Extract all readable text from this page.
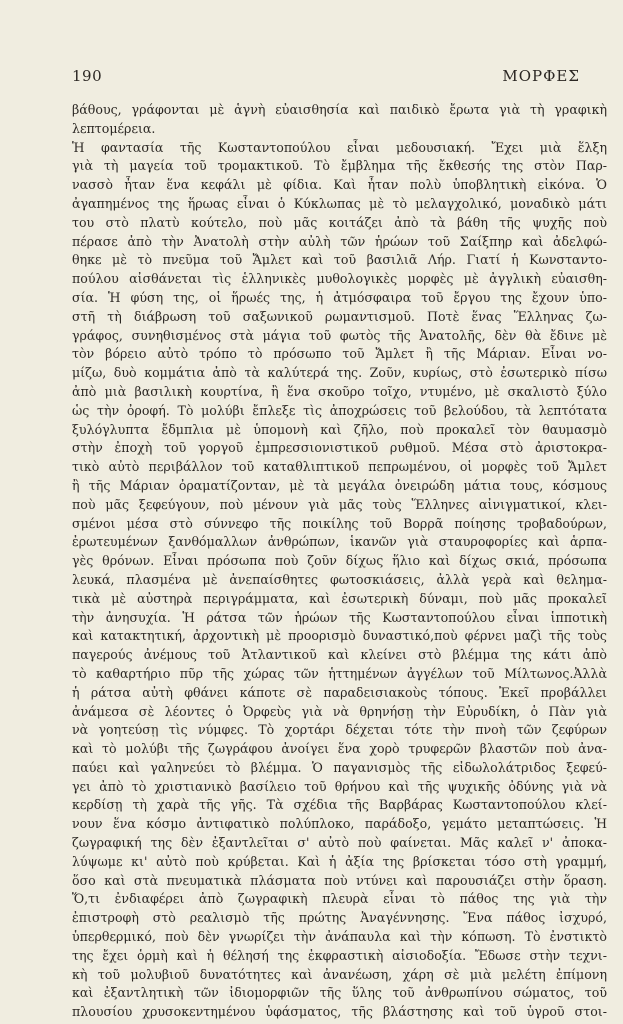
190	ΜΟΡΦΕΣ
βάθους, γράφονται μὲ ἁγνὴ εὐαισθησία καὶ παιδικὸ ἔρωτα γιὰ τὴ γραφικὴ
λεπτομέρεια.
Ἡ φαντασία τῆς Κωσταντοπούλου εἶναι μεδουσιακή. Ἔχει μιὰ ἕλξη
γιὰ τὴ μαγεία τοῦ τρομακτικοῦ. Τὸ ἔμβλημα τῆς ἔκθεσής της στὸν Παρ-
νασσὸ ἦταν ἕνα κεφάλι μὲ φίδια. Καὶ ἦταν πολὺ ὑποβλητικὴ εἰκόνα. Ὁ
ἀγαπημένος της ἥρωας εἶναι ὁ Κύκλωπας μὲ τὸ μελαγχολικό, μοναδικὸ μάτι
του στὸ πλατὺ κούτελο, ποὺ μᾶς κοιτάζει ἀπὸ τὰ βάθη τῆς ψυχῆς ποὺ
πέρασε ἀπὸ τὴν Ἀνατολὴ στὴν αὐλὴ τῶν ἡρώων τοῦ Σαίξπηρ καὶ ἀδελφώ-
θηκε μὲ τὸ πνεῦμα τοῦ Ἄμλετ καὶ τοῦ βασιλιᾶ Λήρ. Γιατί ἡ Κωνσταντο-
πούλου αἰσθάνεται τὶς ἑλληνικὲς μυθολογικὲς μορφὲς μὲ ἀγγλικὴ εὐαισθη-
σία. Ἡ φύση της, οἱ ἥρωές της, ἡ ἀτμόσφαιρα τοῦ ἔργου της ἔχουν ὑπο-
στῆ τὴ διάβρωση τοῦ σαξωνικοῦ ρωμαντισμοῦ. Ποτὲ ἕνας Ἕλληνας ζω-
γράφος, συνηθισμένος στὰ μάγια τοῦ φωτὸς τῆς Ἀνατολῆς, δὲν θὰ ἔδινε μὲ
τὸν βόρειο αὐτὸ τρόπο τὸ πρόσωπο τοῦ Ἄμλετ ἢ τῆς Μάριαν. Εἶναι νο-
μίζω, δυὸ κομμάτια ἀπὸ τὰ καλύτερά της. Ζοῦν, κυρίως, στὸ ἐσωτερικὸ πίσω
ἀπὸ μιὰ βασιλικὴ κουρτίνα, ἢ ἕνα σκοῦρο τοῖχο, ντυμένο, μὲ σκαλιστὸ ξύλο
ὡς τὴν ὀροφή. Τὸ μολύβι ἔπλεξε τὶς ἀποχρώσεις τοῦ βελούδου, τὰ λεπτότατα
ξυλόγλυπτα ἔδμπλια μὲ ὑπομονὴ καὶ ζῆλο, ποὺ προκαλεῖ τὸν θαυμασμὸ
στὴν ἐποχὴ τοῦ γοργοῦ ἐμπρεσσιονιστικοῦ ρυθμοῦ. Μέσα στὸ ἀριστοκρα-
τικὸ αὐτὸ περιβάλλον τοῦ καταθλιπτικοῦ πεπρωμένου, οἱ μορφὲς τοῦ Ἄμλετ
ἢ τῆς Μάριαν ὀραματίζονταν, μὲ τὰ μεγάλα ὀνειρώδη μάτια τους, κόσμους
ποὺ μᾶς ξεφεύγουν, ποὺ μένουν γιὰ μᾶς τοὺς Ἕλληνες αἰνιγματικοί, κλει-
σμένοι μέσα στὸ σύννεφο τῆς ποικίλης τοῦ Βορρᾶ ποίησης τροβαδούρων,
ἐρωτευμένων ξανθόμαλλων ἀνθρώπων, ἱκανῶν γιὰ σταυροφορίες καὶ ἁρπα-
γὲς θρόνων. Εἶναι πρόσωπα ποὺ ζοῦν δίχως ἥλιο καὶ δίχως σκιά, πρόσωπα
λευκά, πλασμένα μὲ ἀνεπαίσθητες φωτοσκιάσεις, ἀλλὰ γερὰ καὶ θελημα-
τικὰ μὲ αὐστηρὰ περιγράμματα, καὶ ἐσωτερικὴ δύναμι, ποὺ μᾶς προκαλεῖ
τὴν ἀνησυχία. Ἡ ράτσα τῶν ἡρώων τῆς Κωσταντοπούλου εἶναι ἱπποτικὴ
καὶ κατακτητική, ἀρχοντικὴ μὲ προορισμὸ δυναστικό,ποὺ φέρνει μαζὶ τῆς τοὺς
παγερούς ἀνέμους τοῦ Ἀτλαντικοῦ καὶ κλείνει στὸ βλέμμα της κάτι ἀπὸ
τὸ καθαρτήριο πῦρ τῆς χώρας τῶν ἡττημένων ἀγγέλων τοῦ Μίλτωνος.Ἀλλὰ
ἡ ράτσα αὐτὴ φθάνει κάποτε σὲ παραδεισιακοὺς τόπους. Ἐκεῖ προβάλλει
ἀνάμεσα σὲ λέοντες ὁ Ὀρφεὺς γιὰ νὰ θρηνήσῃ τὴν Εὐρυδίκη, ὁ Πὰν γιὰ
νὰ γοητεύσῃ τὶς νύμφες. Τὸ χορτάρι δέχεται τότε τὴν πνοὴ τῶν ζεφύρων
καὶ τὸ μολύβι τῆς ζωγράφου ἀνοίγει ἕνα χορὸ τρυφερῶν βλαστῶν ποὺ ἀνα-
παύει καὶ γαληνεύει τὸ βλέμμα. Ὁ παγανισμὸς τῆς εἰδωλολάτριδος ξεφεύ-
γει ἀπὸ τὸ χριστιανικὸ βασίλειο τοῦ θρήνου καὶ τῆς ψυχικῆς ὀδύνης γιὰ νὰ
κερδίσῃ τὴ χαρὰ τῆς γῆς. Τὰ σχέδια τῆς Βαρβάρας Κωσταντοπούλου κλεί-
νουν ἕνα κόσμο ἀντιφατικὸ πολύπλοκο, παράδοξο, γεμάτο μεταπτώσεις. Ἡ
ζωγραφική της δὲν ἐξαντλεῖται σ' αὐτὸ ποὺ φαίνεται. Μᾶς καλεῖ ν' ἀποκα-
λύψωμε κι' αὐτὸ ποὺ κρύβεται. Καὶ ἡ ἀξία της βρίσκεται τόσο στὴ γραμμή,
ὅσο καὶ στὰ πνευματικὰ πλάσματα ποὺ ντύνει καὶ παρουσιάζει στὴν ὅραση.
Ὅ,τι ἐνδιαφέρει ἀπὸ ζωγραφικὴ πλευρὰ εἶναι τὸ πάθος της γιὰ τὴν
ἐπιστροφὴ στὸ ρεαλισμὸ τῆς πρώτης Ἀναγέννησης. Ἕνα πάθος ἰσχυρό,
ὑπερθερμικό, ποὺ δὲν γνωρίζει τὴν ἀνάπαυλα καὶ τὴν κόπωση. Τὸ ἐνστικτὸ
της ἔχει ὁρμὴ καὶ ἡ θέλησή της ἐκφραστικὴ αἰσιοδοξία. Ἔδωσε στὴν τεχνι-
κὴ τοῦ μολυβιοῦ δυνατότητες καὶ ἀνανέωση, χάρη σὲ μιὰ μελέτη ἐπίμονη
καὶ ἐξαντλητικὴ τῶν ἰδιομορφιῶν τῆς ὕλης τοῦ ἀνθρωπίνου σώματος, τοῦ
πλουσίου χρυσοκεντημένου ὑφάσματος, τῆς βλάστησης καὶ τοῦ ὑγροῦ στοι-
